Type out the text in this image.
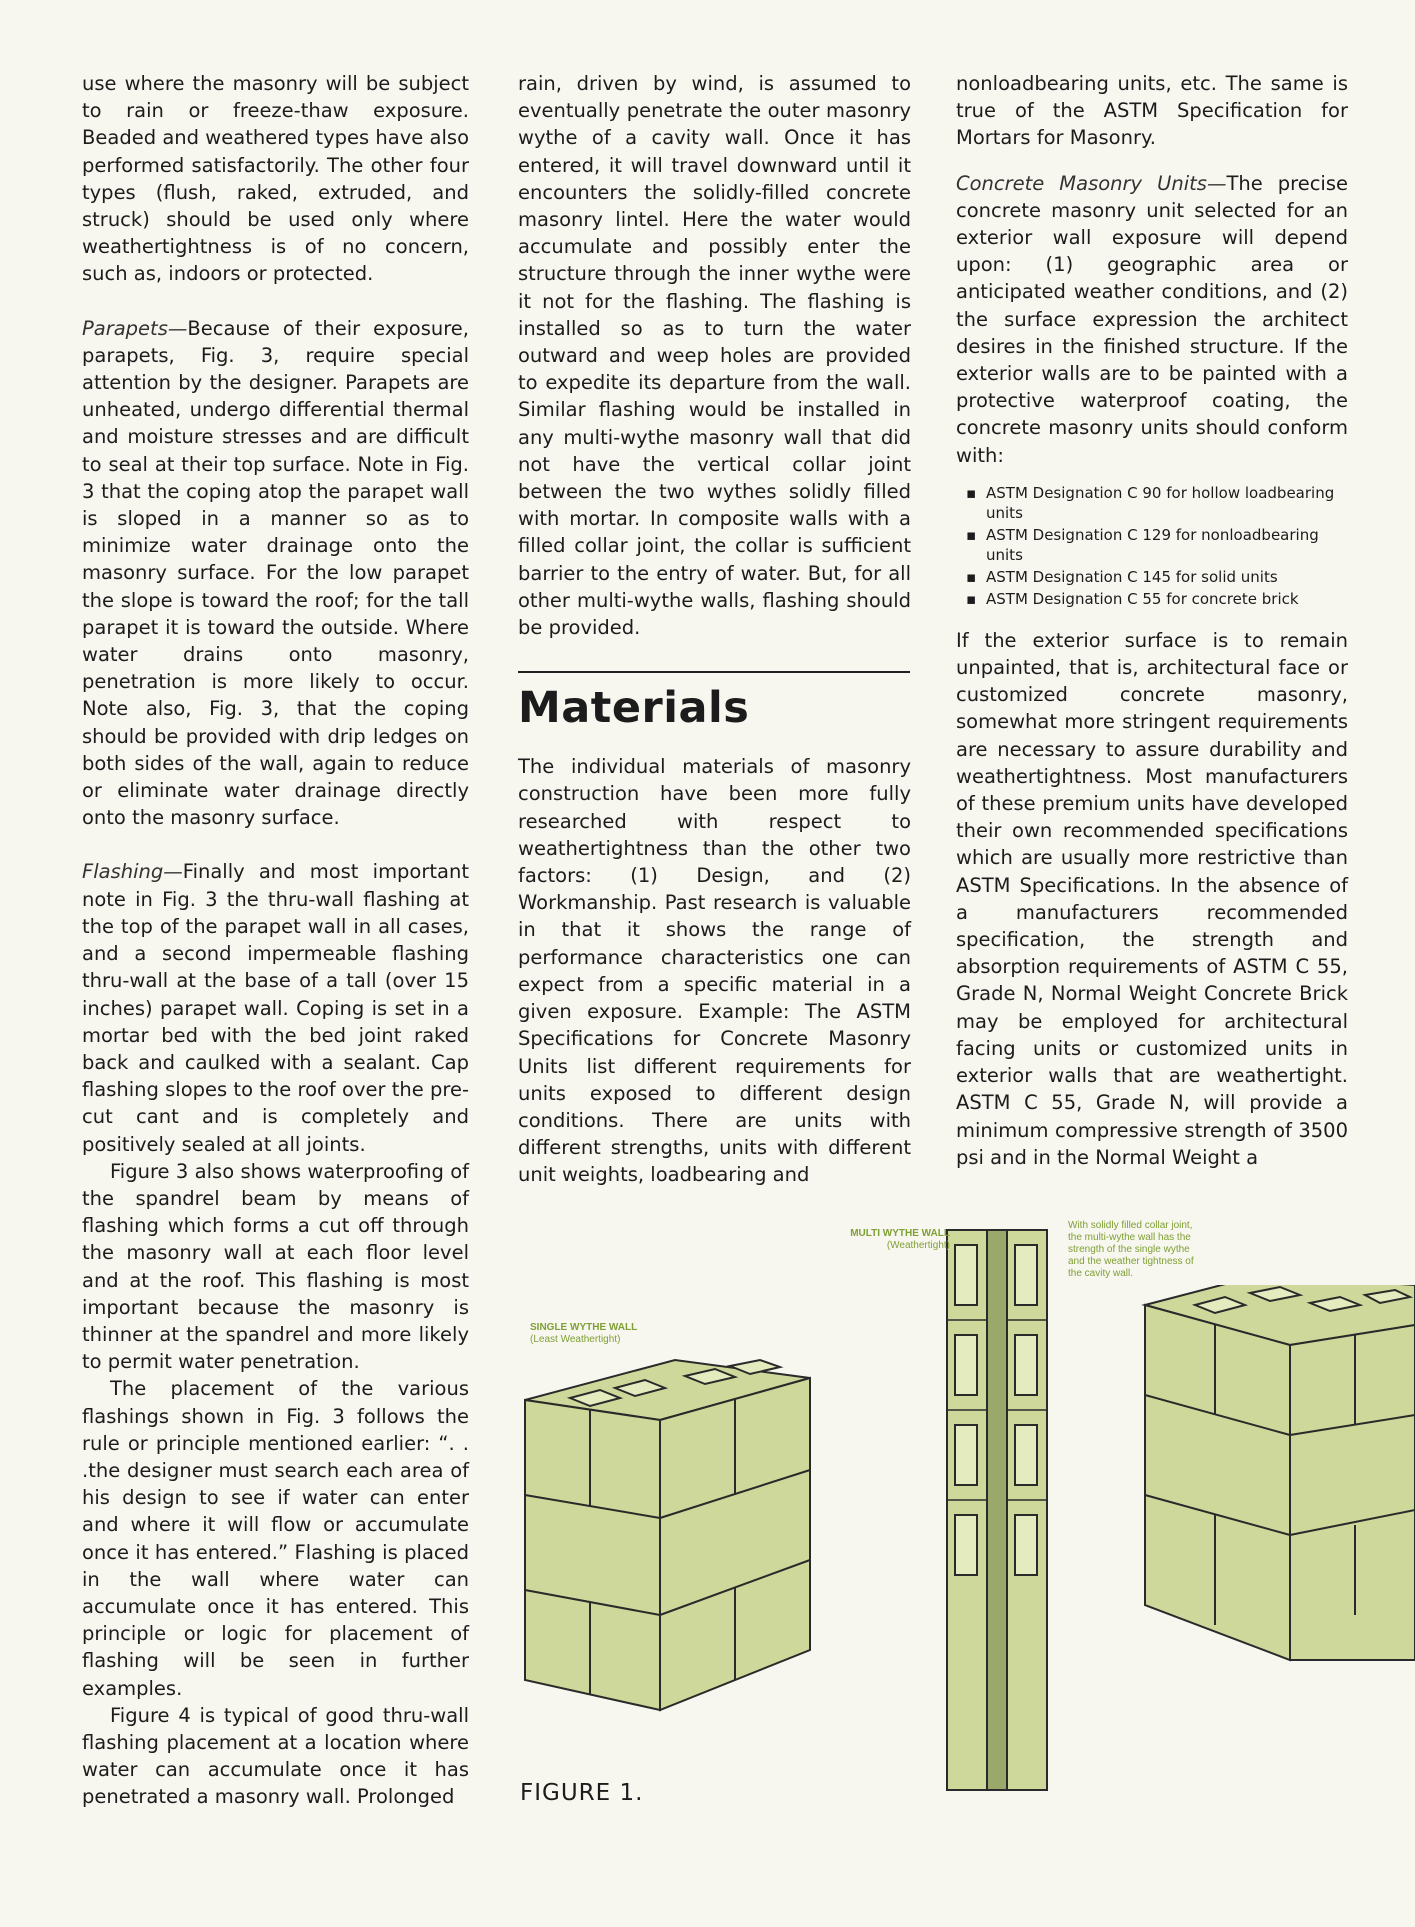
use where the masonry will be subject to rain or freeze-thaw exposure. Beaded and weathered types have also performed satisfactorily. The other four types (flush, raked, extruded, and struck) should be used only where weathertightness is of no concern, such as, indoors or protected.

Parapets—Because of their exposure, parapets, Fig. 3, require special attention by the designer. Parapets are unheated, undergo differential thermal and moisture stresses and are difficult to seal at their top surface. Note in Fig. 3 that the coping atop the parapet wall is sloped in a manner so as to minimize water drainage onto the masonry surface. For the low parapet the slope is toward the roof; for the tall parapet it is toward the outside. Where water drains onto masonry, penetration is more likely to occur. Note also, Fig. 3, that the coping should be provided with drip ledges on both sides of the wall, again to reduce or eliminate water drainage directly onto the masonry surface.

Flashing—Finally and most important note in Fig. 3 the thru-wall flashing at the top of the parapet wall in all cases, and a second impermeable flashing thru-wall at the base of a tall (over 15 inches) parapet wall. Coping is set in a mortar bed with the bed joint raked back and caulked with a sealant. Cap flashing slopes to the roof over the pre-cut cant and is completely and positively sealed at all joints.

Figure 3 also shows waterproofing of the spandrel beam by means of flashing which forms a cut off through the masonry wall at each floor level and at the roof. This flashing is most important because the masonry is thinner at the spandrel and more likely to permit water penetration.

The placement of the various flashings shown in Fig. 3 follows the rule or principle mentioned earlier: “. . .the designer must search each area of his design to see if water can enter and where it will flow or accumulate once it has entered.” Flashing is placed in the wall where water can accumulate once it has entered. This principle or logic for placement of flashing will be seen in further examples.

Figure 4 is typical of good thru-wall flashing placement at a location where water can accumulate once it has penetrated a masonry wall. Prolonged

rain, driven by wind, is assumed to eventually penetrate the outer masonry wythe of a cavity wall. Once it has entered, it will travel downward until it encounters the solidly-filled concrete masonry lintel. Here the water would accumulate and possibly enter the structure through the inner wythe were it not for the flashing. The flashing is installed so as to turn the water outward and weep holes are provided to expedite its departure from the wall. Similar flashing would be installed in any multi-wythe masonry wall that did not have the vertical collar joint between the two wythes solidly filled with mortar. In composite walls with a filled collar joint, the collar is sufficient barrier to the entry of water. But, for all other multi-wythe walls, flashing should be provided.

Materials

The individual materials of masonry construction have been more fully researched with respect to weathertightness than the other two factors: (1) Design, and (2) Workmanship. Past research is valuable in that it shows the range of performance characteristics one can expect from a specific material in a given exposure. Example: The ASTM Specifications for Concrete Masonry Units list different requirements for units exposed to different design conditions. There are units with different strengths, units with different unit weights, loadbearing and

nonloadbearing units, etc. The same is true of the ASTM Specification for Mortars for Masonry.

Concrete Masonry Units—The precise concrete masonry unit selected for an exterior wall exposure will depend upon: (1) geographic area or anticipated weather conditions, and (2) the surface expression the architect desires in the finished structure. If the exterior walls are to be painted with a protective waterproof coating, the concrete masonry units should conform with:

▪ ASTM Designation C 90 for hollow loadbearing units
▪ ASTM Designation C 129 for nonloadbearing units
▪ ASTM Designation C 145 for solid units
▪ ASTM Designation C 55 for concrete brick

If the exterior surface is to remain unpainted, that is, architectural face or customized concrete masonry, somewhat more stringent requirements are necessary to assure durability and weathertightness. Most manufacturers of these premium units have developed their own recommended specifications which are usually more restrictive than ASTM Specifications. In the absence of a manufacturers recommended specification, the strength and absorption requirements of ASTM C 55, Grade N, Normal Weight Concrete Brick may be employed for architectural facing units or customized units in exterior walls that are weathertight. ASTM C 55, Grade N, will provide a minimum compressive strength of 3500 psi and in the Normal Weight a

SINGLE WYTHE WALL
(Least Weathertight)
MULTI WYTHE WALL
(Weathertight)
With solidly filled collar joint, the multi-wythe wall has the strength of the single wythe and the weather tightness of the cavity wall.
FIGURE 1.
